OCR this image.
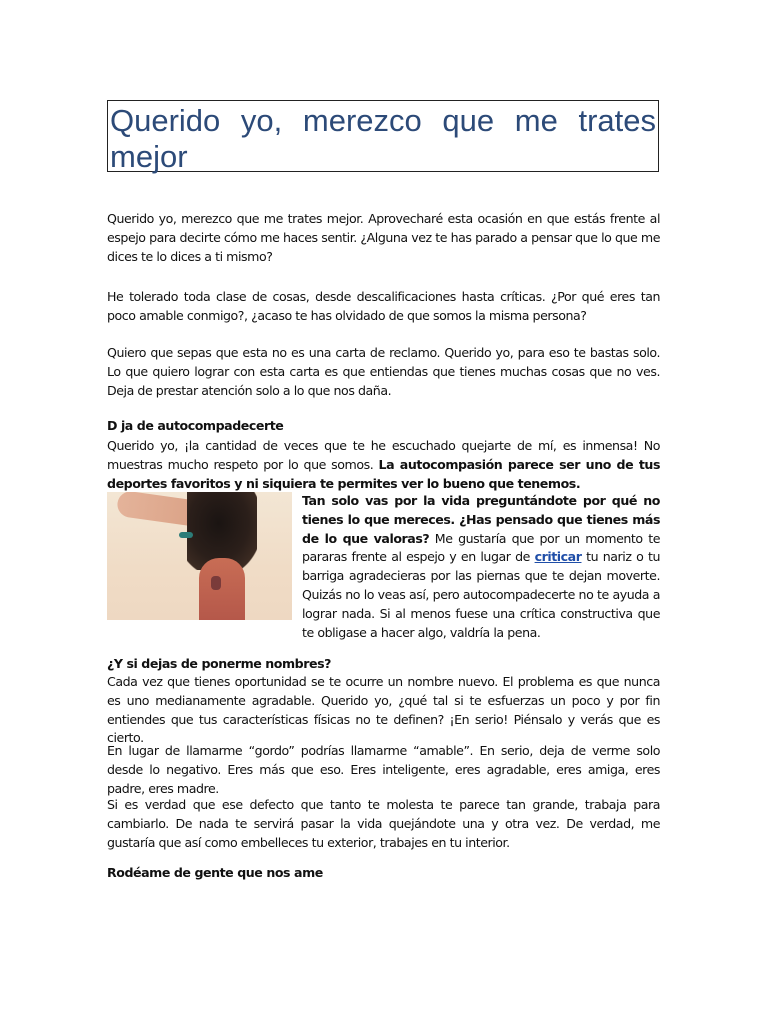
Querido yo, merezco que me trates mejor

Querido yo, merezco que me trates mejor. Aprovecharé esta ocasión en que estás frente al espejo para decirte cómo me haces sentir. ¿Alguna vez te has parado a pensar que lo que me dices te lo dices a ti mismo?

He tolerado toda clase de cosas, desde descalificaciones hasta críticas. ¿Por qué eres tan poco amable conmigo?, ¿acaso te has olvidado de que somos la misma persona?

Quiero que sepas que esta no es una carta de reclamo. Querido yo, para eso te bastas solo. Lo que quiero lograr con esta carta es que entiendas que tienes muchas cosas que no ves. Deja de prestar atención solo a lo que nos daña.

D ja de autocompadecerte

Querido yo, ¡la cantidad de veces que te he escuchado quejarte de mí, es inmensa! No muestras mucho respeto por lo que somos. La autocompasión parece ser uno de tus deportes favoritos y ni siquiera te permites ver lo bueno que tenemos.

Tan solo vas por la vida preguntándote por qué no tienes lo que mereces. ¿Has pensado que tienes más de lo que valoras? Me gustaría que por un momento te pararas frente al espejo y en lugar de criticar tu nariz o tu barriga agradecieras por las piernas que te dejan moverte. Quizás no lo veas así, pero autocompadecerte no te ayuda a lograr nada. Si al menos fuese una crítica constructiva que te obligase a hacer algo, valdría la pena.

¿Y si dejas de ponerme nombres?

Cada vez que tienes oportunidad se te ocurre un nombre nuevo. El problema es que nunca es uno medianamente agradable. Querido yo, ¿qué tal si te esfuerzas un poco y por fin entiendes que tus características físicas no te definen? ¡En serio! Piénsalo y verás que es cierto.

En lugar de llamarme “gordo” podrías llamarme “amable”. En serio, deja de verme solo desde lo negativo. Eres más que eso. Eres inteligente, eres agradable, eres amiga, eres padre, eres madre.

Si es verdad que ese defecto que tanto te molesta te parece tan grande, trabaja para cambiarlo. De nada te servirá pasar la vida quejándote una y otra vez. De verdad, me gustaría que así como embelleces tu exterior, trabajes en tu interior.

Rodéame de gente que nos ame
